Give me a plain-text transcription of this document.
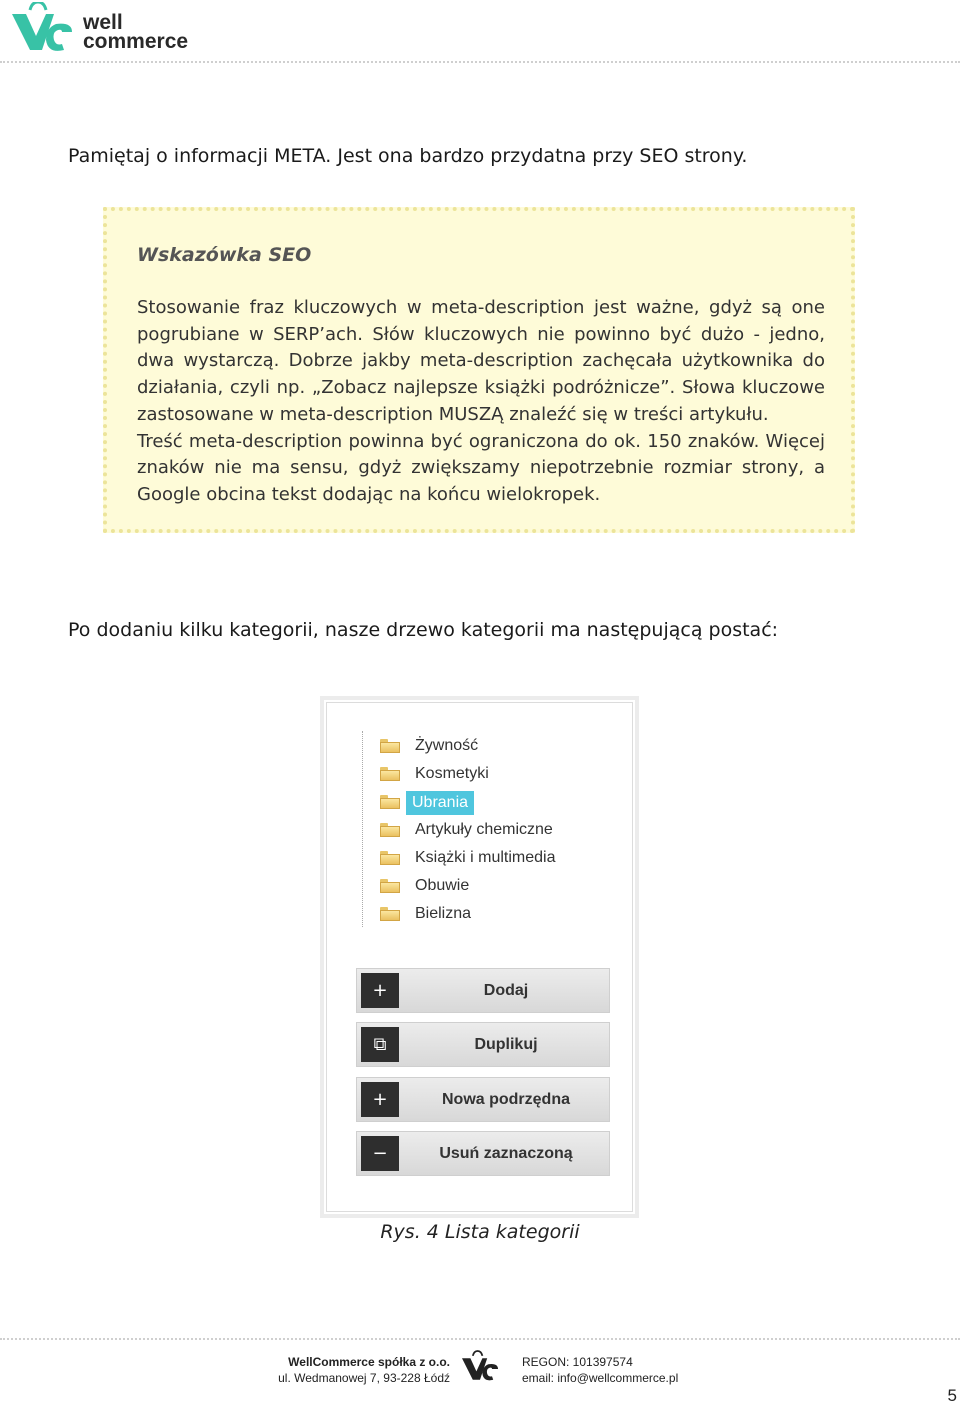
well
commerce
Pamiętaj o informacji META. Jest ona bardzo przydatna przy SEO strony.
Wskazówka SEO

Stosowanie fraz kluczowych w meta-description jest ważne, gdyż są one pogrubiane w SERP’ach. Słów kluczowych nie powinno być dużo - jedno, dwa wystarczą. Dobrze jakby meta-description zachęcała użytkownika do działania, czyli np. „Zobacz najlepsze książki podróżnicze”. Słowa kluczowe zastosowane w meta-description MUSZĄ znaleźć się w treści artykułu.

Treść meta-description powinna być ograniczona do ok. 150 znaków. Więcej znaków nie ma sensu, gdyż zwiększamy niepotrzebnie rozmiar strony, a Google obcina tekst dodając na końcu wielokropek.

Po dodaniu kilku kategorii, nasze drzewo kategorii ma następującą postać:
Żywność
Kosmetyki
Ubrania
Artykuły chemiczne
Książki i multimedia
Obuwie
Bielizna
+	Dodaj
⧉	Duplikuj
+	Nowa podrzędna
−	Usuń zaznaczoną
Rys. 4 Lista kategorii
WellCommerce spółka z o.o.
ul. Wedmanowej 7, 93-228 Łódź
REGON: 101397574
email: info@wellcommerce.pl
5
